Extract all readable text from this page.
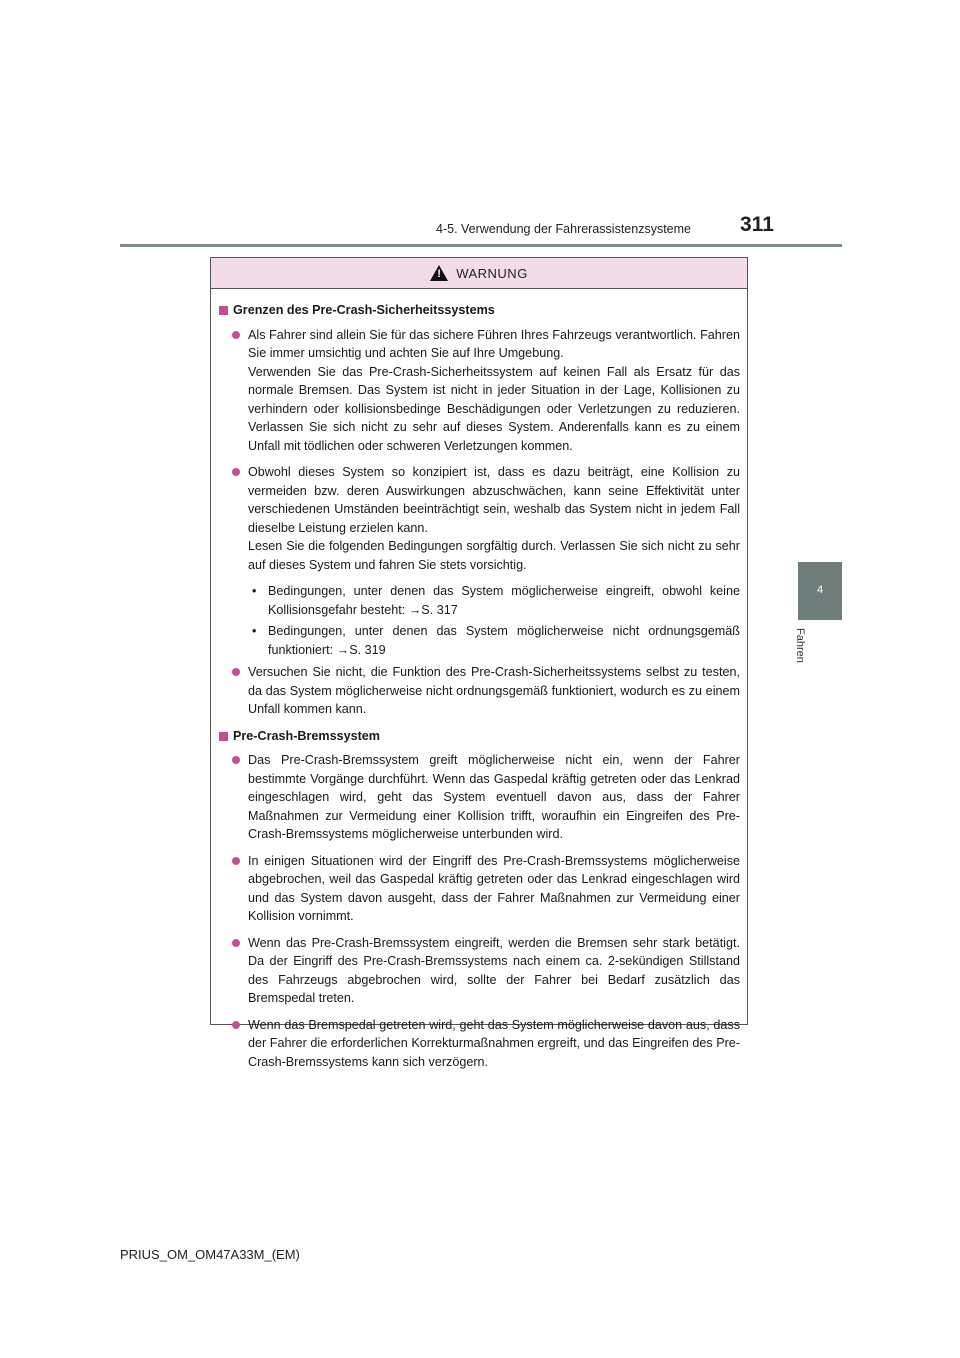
4-5. Verwendung der Fahrerassistenzsysteme 311
4
Fahren
!
WARNUNG
Grenzen des Pre-Crash-Sicherheitssystems

Als Fahrer sind allein Sie für das sichere Führen Ihres Fahrzeugs verantwortlich. Fahren Sie immer umsichtig und achten Sie auf Ihre Umgebung.

Verwenden Sie das Pre-Crash-Sicherheitssystem auf keinen Fall als Ersatz für das normale Bremsen. Das System ist nicht in jeder Situation in der Lage, Kollisionen zu verhindern oder kollisionsbedinge Beschädigungen oder Verletzungen zu reduzieren. Verlassen Sie sich nicht zu sehr auf dieses System. Anderenfalls kann es zu einem Unfall mit tödlichen oder schweren Verletzungen kommen.

Obwohl dieses System so konzipiert ist, dass es dazu beiträgt, eine Kollision zu vermeiden bzw. deren Auswirkungen abzuschwächen, kann seine Effektivität unter verschiedenen Umständen beeinträchtigt sein, weshalb das System nicht in jedem Fall dieselbe Leistung erzielen kann.

Lesen Sie die folgenden Bedingungen sorgfältig durch. Verlassen Sie sich nicht zu sehr auf dieses System und fahren Sie stets vorsichtig.

• Bedingungen, unter denen das System möglicherweise eingreift, obwohl keine Kollisionsgefahr besteht: →S. 317
• Bedingungen, unter denen das System möglicherweise nicht ordnungsgemäß funktioniert: →S. 319
Versuchen Sie nicht, die Funktion des Pre-Crash-Sicherheitssystems selbst zu testen, da das System möglicherweise nicht ordnungsgemäß funktioniert, wodurch es zu einem Unfall kommen kann.
Pre-Crash-Bremssystem
Das Pre-Crash-Bremssystem greift möglicherweise nicht ein, wenn der Fahrer bestimmte Vorgänge durchführt. Wenn das Gaspedal kräftig getreten oder das Lenkrad eingeschlagen wird, geht das System eventuell davon aus, dass der Fahrer Maßnahmen zur Vermeidung einer Kollision trifft, woraufhin ein Eingreifen des Pre-Crash-Bremssystems möglicherweise unterbunden wird.
In einigen Situationen wird der Eingriff des Pre-Crash-Bremssystems möglicherweise abgebrochen, weil das Gaspedal kräftig getreten oder das Lenkrad eingeschlagen wird und das System davon ausgeht, dass der Fahrer Maßnahmen zur Vermeidung einer Kollision vornimmt.
Wenn das Pre-Crash-Bremssystem eingreift, werden die Bremsen sehr stark betätigt. Da der Eingriff des Pre-Crash-Bremssystems nach einem ca. 2-sekündigen Stillstand des Fahrzeugs abgebrochen wird, sollte der Fahrer bei Bedarf zusätzlich das Bremspedal treten.
Wenn das Bremspedal getreten wird, geht das System möglicherweise davon aus, dass der Fahrer die erforderlichen Korrekturmaßnahmen ergreift, und das Eingreifen des Pre-Crash-Bremssystems kann sich verzögern.
PRIUS_OM_OM47A33M_(EM)
